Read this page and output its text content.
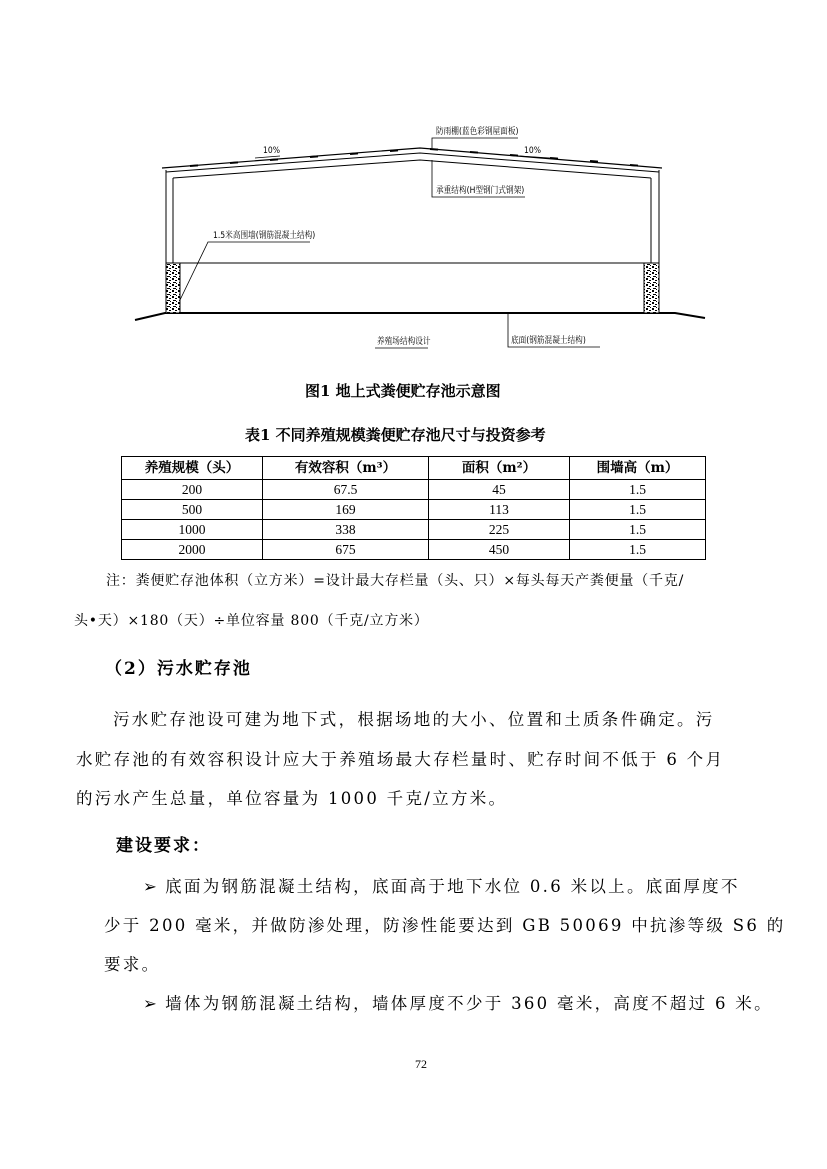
防雨棚(蓝色彩钢屋面板)
承重结构(H型钢门式钢架)
1.5米高围墙(钢筋混凝土结构)
底面(钢筋混凝土结构)
养殖场结构设计
10%	10%
图1 地上式粪便贮存池示意图
表1 不同养殖规模粪便贮存池尺寸与投资参考
养殖规模（头）	有效容积（m³）	面积（m²）	围墙高（m）
200	67.5	45	1.5
500	169	113	1.5
1000	338	225	1.5
2000	675	450	1.5
注：粪便贮存池体积（立方米）=设计最大存栏量（头、只）×每头每天产粪便量（千克/
头•天）×180（天）÷单位容量 800（千克/立方米）
（2）污水贮存池
污水贮存池设可建为地下式，根据场地的大小、位置和土质条件确定。污
水贮存池的有效容积设计应大于养殖场最大存栏量时、贮存时间不低于 6 个月
的污水产生总量，单位容量为 1000 千克/立方米。
建设要求：
➢ 底面为钢筋混凝土结构，底面高于地下水位 0.6 米以上。底面厚度不
少于 200 毫米，并做防渗处理，防渗性能要达到 GB 50069 中抗渗等级 S6 的
要求。
➢ 墙体为钢筋混凝土结构，墙体厚度不少于 360 毫米，高度不超过 6 米。
72
